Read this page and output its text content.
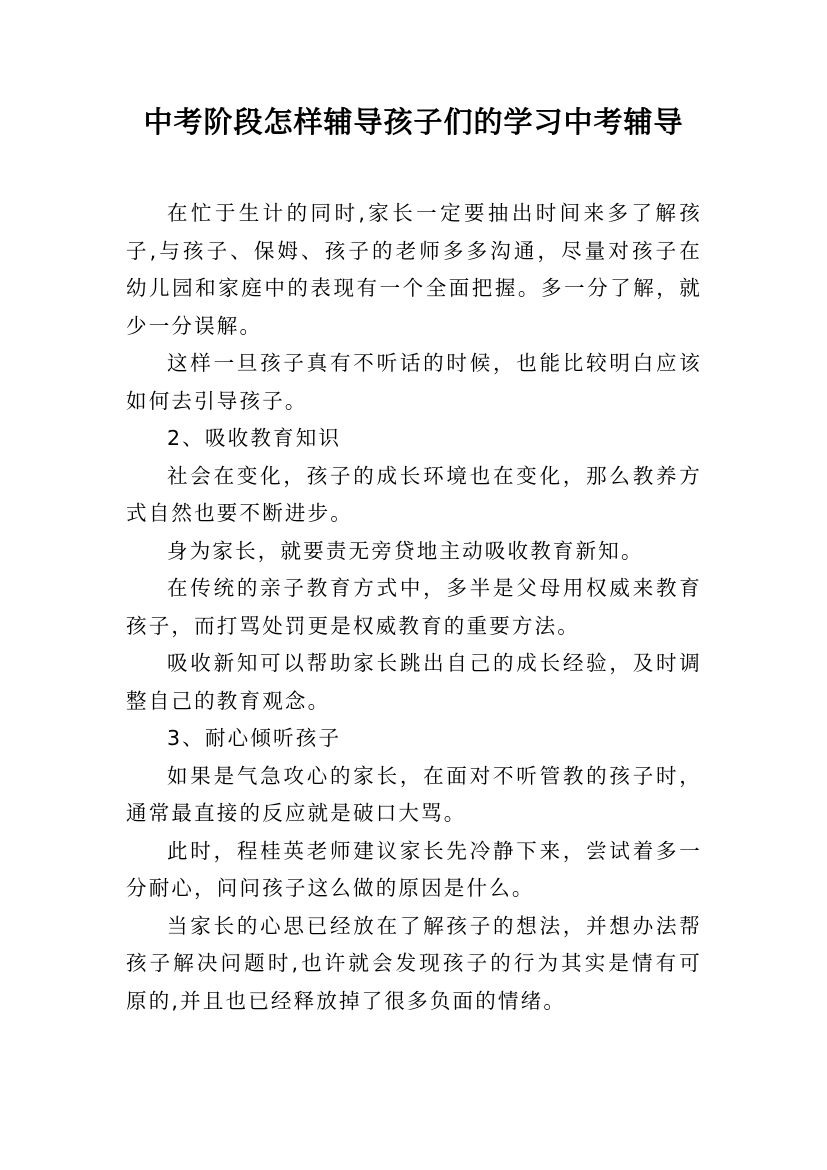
中考阶段怎样辅导孩子们的学习中考辅导

在忙于生计的同时,家长一定要抽出时间来多了解孩子,与孩子、保姆、孩子的老师多多沟通，尽量对孩子在幼儿园和家庭中的表现有一个全面把握。多一分了解，就少一分误解。

这样一旦孩子真有不听话的时候，也能比较明白应该如何去引导孩子。

2、吸收教育知识

社会在变化，孩子的成长环境也在变化，那么教养方式自然也要不断进步。

身为家长，就要责无旁贷地主动吸收教育新知。

在传统的亲子教育方式中，多半是父母用权威来教育孩子，而打骂处罚更是权威教育的重要方法。

吸收新知可以帮助家长跳出自己的成长经验，及时调整自己的教育观念。

3、耐心倾听孩子

如果是气急攻心的家长，在面对不听管教的孩子时，通常最直接的反应就是破口大骂。

此时，程桂英老师建议家长先冷静下来，尝试着多一分耐心，问问孩子这么做的原因是什么。

当家长的心思已经放在了解孩子的想法，并想办法帮孩子解决问题时,也许就会发现孩子的行为其实是情有可原的,并且也已经释放掉了很多负面的情绪。
